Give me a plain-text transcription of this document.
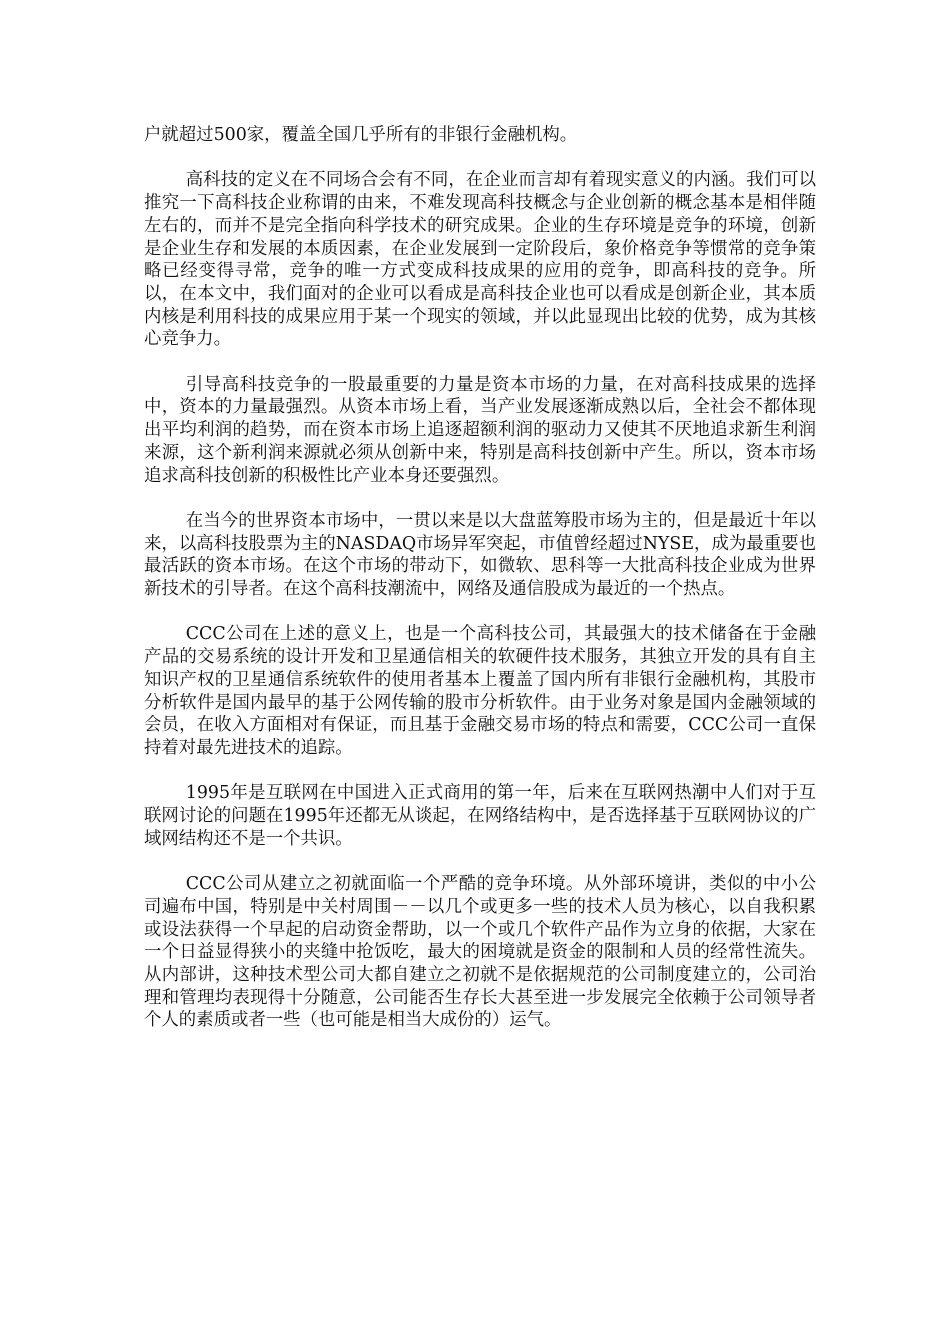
户就超过500家，覆盖全国几乎所有的非银行金融机构。

高科技的定义在不同场合会有不同，在企业而言却有着现实意义的内涵。我们可以推究一下高科技企业称谓的由来，不难发现高科技概念与企业创新的概念基本是相伴随左右的，而并不是完全指向科学技术的研究成果。企业的生存环境是竞争的环境，创新是企业生存和发展的本质因素，在企业发展到一定阶段后，象价格竞争等惯常的竞争策略已经变得寻常，竞争的唯一方式变成科技成果的应用的竞争，即高科技的竞争。所以，在本文中，我们面对的企业可以看成是高科技企业也可以看成是创新企业，其本质内核是利用科技的成果应用于某一个现实的领域，并以此显现出比较的优势，成为其核心竞争力。

引导高科技竞争的一股最重要的力量是资本市场的力量，在对高科技成果的选择中，资本的力量最强烈。从资本市场上看，当产业发展逐渐成熟以后，全社会不都体现出平均利润的趋势，而在资本市场上追逐超额利润的驱动力又使其不厌地追求新生利润来源，这个新利润来源就必须从创新中来，特别是高科技创新中产生。所以，资本市场追求高科技创新的积极性比产业本身还要强烈。

在当今的世界资本市场中，一贯以来是以大盘蓝筹股市场为主的，但是最近十年以来，以高科技股票为主的NASDAQ市场异军突起，市值曾经超过NYSE，成为最重要也最活跃的资本市场。在这个市场的带动下，如微软、思科等一大批高科技企业成为世界新技术的引导者。在这个高科技潮流中，网络及通信股成为最近的一个热点。

CCC公司在上述的意义上，也是一个高科技公司，其最强大的技术储备在于金融产品的交易系统的设计开发和卫星通信相关的软硬件技术服务，其独立开发的具有自主知识产权的卫星通信系统软件的使用者基本上覆盖了国内所有非银行金融机构，其股市分析软件是国内最早的基于公网传输的股市分析软件。由于业务对象是国内金融领域的会员，在收入方面相对有保证，而且基于金融交易市场的特点和需要，CCC公司一直保持着对最先进技术的追踪。

1995年是互联网在中国进入正式商用的第一年，后来在互联网热潮中人们对于互联网讨论的问题在1995年还都无从谈起，在网络结构中，是否选择基于互联网协议的广域网结构还不是一个共识。

CCC公司从建立之初就面临一个严酷的竞争环境。从外部环境讲，类似的中小公司遍布中国，特别是中关村周围－－以几个或更多一些的技术人员为核心，以自我积累或设法获得一个早起的启动资金帮助，以一个或几个软件产品作为立身的依据，大家在一个日益显得狭小的夹缝中抢饭吃，最大的困境就是资金的限制和人员的经常性流失。从内部讲，这种技术型公司大都自建立之初就不是依据规范的公司制度建立的，公司治理和管理均表现得十分随意，公司能否生存长大甚至进一步发展完全依赖于公司领导者个人的素质或者一些（也可能是相当大成份的）运气。
